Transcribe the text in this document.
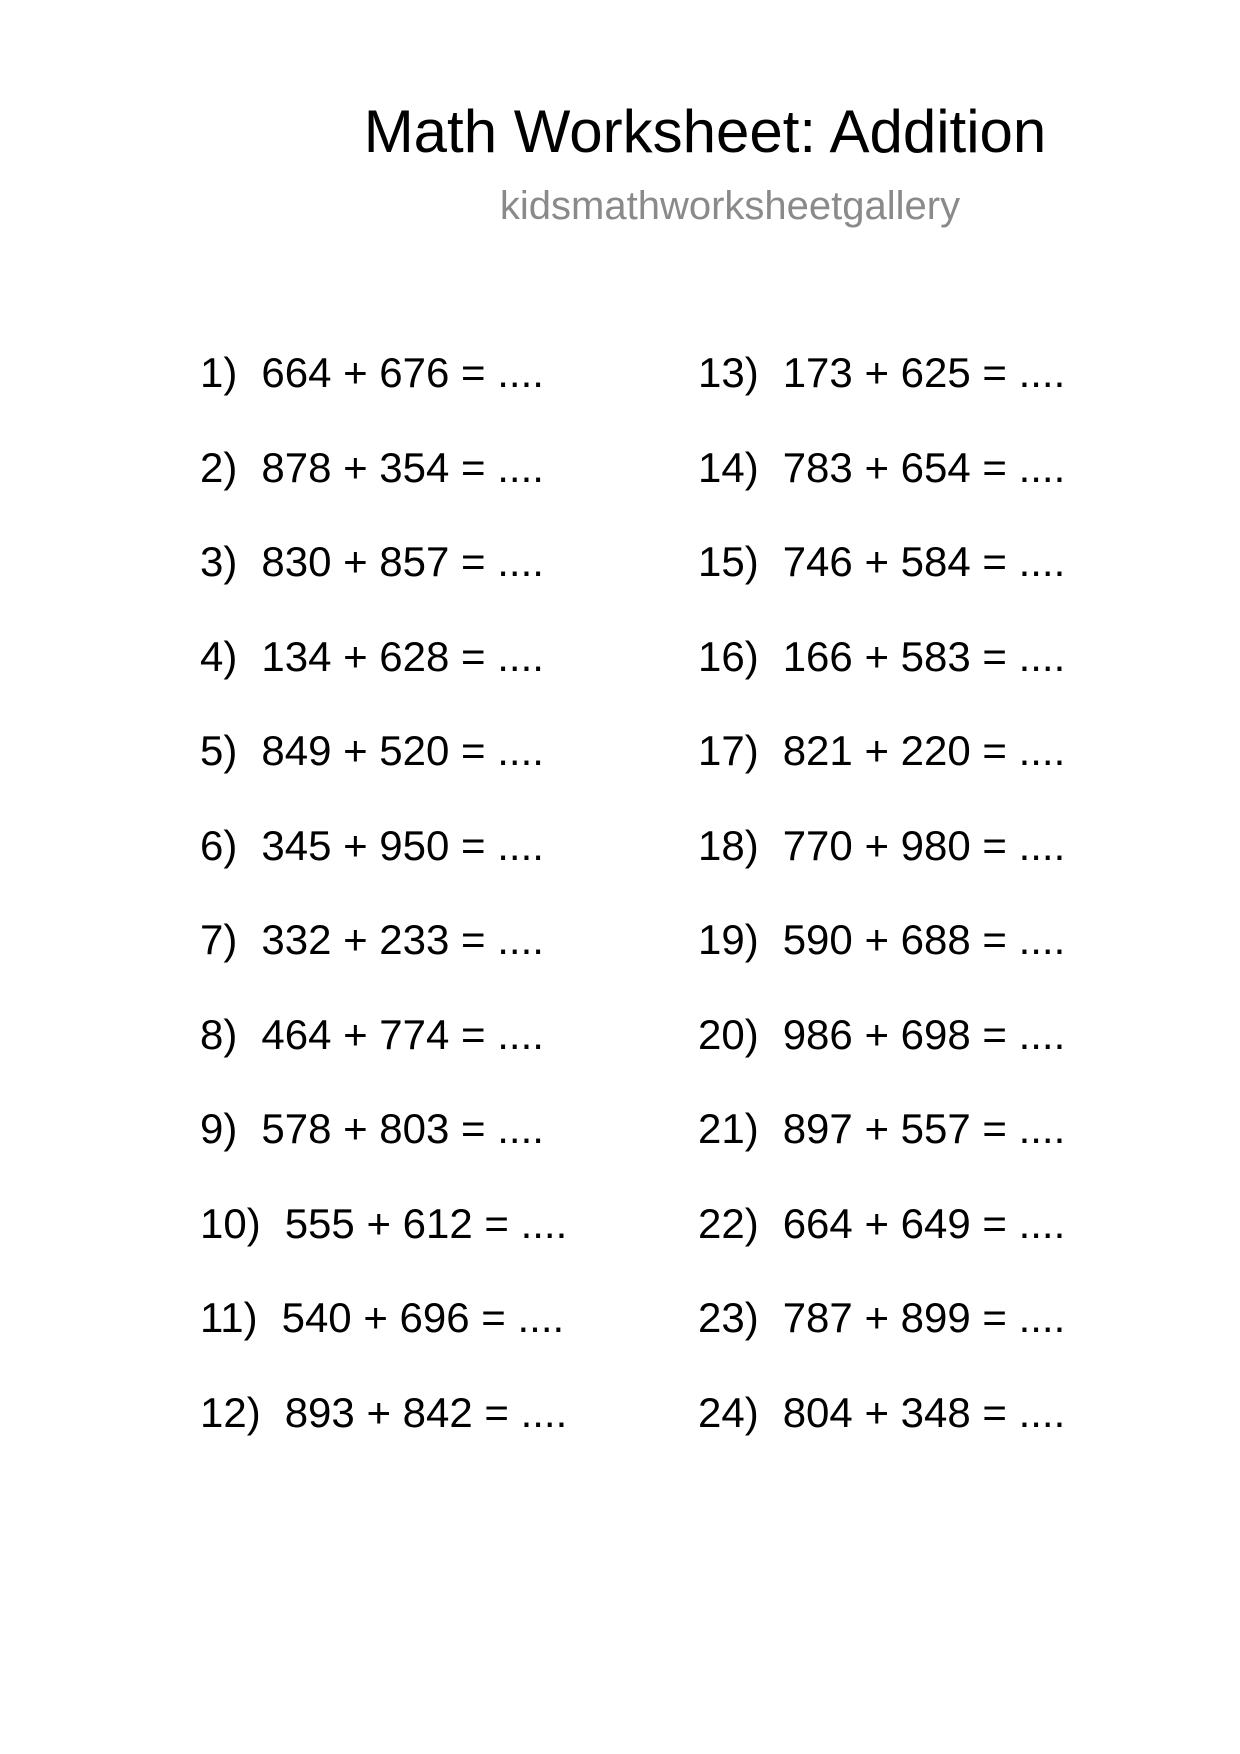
Math Worksheet: Addition
kidsmathworksheetgallery
1) 664 + 676 = ....
2) 878 + 354 = ....
3) 830 + 857 = ....
4) 134 + 628 = ....
5) 849 + 520 = ....
6) 345 + 950 = ....
7) 332 + 233 = ....
8) 464 + 774 = ....
9) 578 + 803 = ....
10) 555 + 612 = ....
11) 540 + 696 = ....
12) 893 + 842 = ....
13) 173 + 625 = ....
14) 783 + 654 = ....
15) 746 + 584 = ....
16) 166 + 583 = ....
17) 821 + 220 = ....
18) 770 + 980 = ....
19) 590 + 688 = ....
20) 986 + 698 = ....
21) 897 + 557 = ....
22) 664 + 649 = ....
23) 787 + 899 = ....
24) 804 + 348 = ....
